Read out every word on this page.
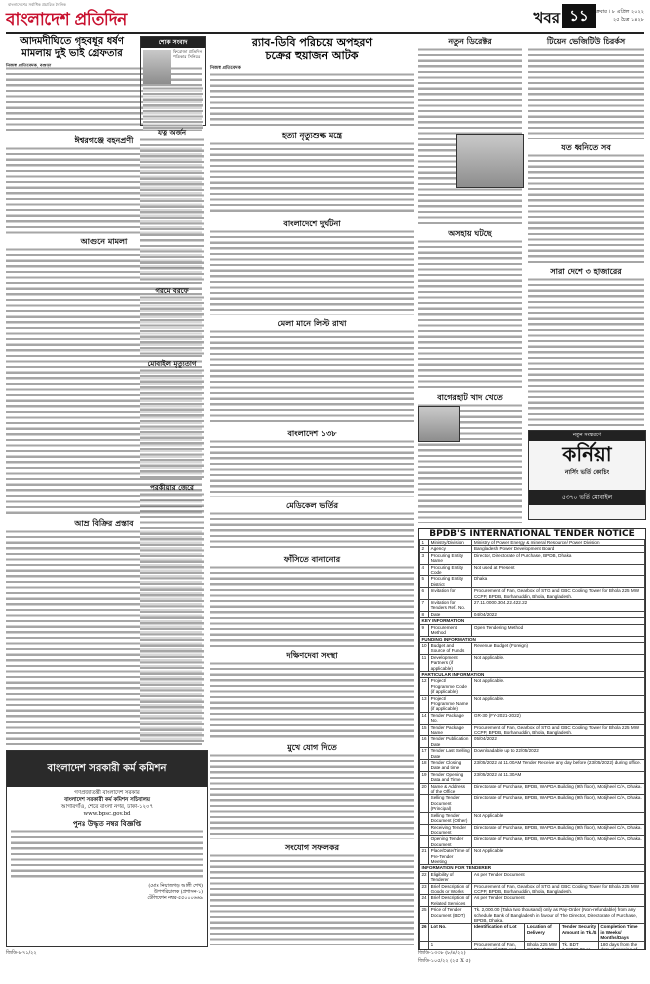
বাংলাদেশের সর্বাধিক প্রচারিত দৈনিক
বাংলাদেশ প্রতিদিন	খবর ১১ শুক্রবার । ৮ এপ্রিল ২০২২
২৫ চৈত্র ১৪২৮
আদমদীঘিতে গৃহবধূর ধর্ষণ মামলায় দুই ভাই গ্রেফতার
ঈশ্বরগঞ্জে বহনপ্রণী
আগুনে মামলা
আম্র বিক্রির প্রস্তাব
শোক সংবাদ
ফিরোজা প্রতিদিন পত্রিকার সিনিয়র
যত্ন অর্জন
গরমে বরফে
মোবাইল মৃত্যুতাগ
পরকীয়ার জেরে
র‍্যাব-ডিবি পরিচয়ে অপহরণ
চক্রের হুয়াজন আটক
নিজস্ব প্রতিবেদক
হত্যা নৃত্যুশুল্ক মন্ত্রে
বাংলাদেশে দুর্ঘটনা
মেলা মানে লিস্ট রাখা
বাংলাদেশ ১৩৮
মেডিকেল ভর্তির
ফাঁসিতে বানানোর
দক্ষিণদেবা সংস্থা
মুখে যোগ দিতে
সংযোগ সফলকর
নতুন ডিরেক্টর
অসহায় ঘটছে
বাগেরহাট খাদ খেতে
টিয়েন ভেজিটিউ চিরর্কস
যত ধ্বনিতে সব
সারা দেশে ৩ হাজারের
নতুন সংস্করণে
কর্নিয়া
নার্সিং ভর্তি কোচিং
৫৩৭০ ভর্তি মোবাইল
BPDB'S INTERNATIONAL TENDER NOTICE
1	Ministry/Division	Ministry of Power Energy & mineral Resource/ Power Division			
2	Agency	Bangladesh Power Development Board			
3	Procuring Entity Name	Director, Directorate of Purchase, BPDB, Dhaka			
4	Procuring Entity Code	Not used at Present			
5	Procuring Entity District	Dhaka			
6	Invitation for	Procurement of Fan, Gearbox of STG and GBC Cooling Tower for Bhola 225 MW CCPP, BPDB, Borhanuddin, Bhola, Bangladesh.			
7	Invitation for Tenders Ref. No.	27.11.0000.304.22.422.22			
8	Date	04/04/2022			
KEY INFORMATION					
9	Procurement Method	Open Tendering Method			
FUNDING INFORMATION					
10	Budget and Source of Funds	Revenue Budget (Foreign)			
11	Development Partners (if applicable)	Not applicable.			
PARTICULAR INFORMATION					
12	Project/ Programme Code (if applicable)	Not applicable.			
13	Project/ Programme Name (if applicable)	Not applicable.			
14	Tender Package No.	GR-30 (FY-2021-2022)			
15	Tender Package Name	Procurement of Fan, Gearbox of STG and GBC Cooling Tower for Bhola 225 MW CCPP, BPDB, Borhanuddin, Bhola, Bangladesh.			
16	Tender Publication Date	05/04/2022			
17	Tender Last Selling Date	Downloadable up to 22/05/2022			
18	Tender Closing Date and time	23/05/2022 at 11.00AM Tender Receive any day before (23/05/2022) during office.			
19	Tender Opening Data and Time	23/05/2022 at 11.30AM			
20	Name & Address of the Office	Directorate of Purchase, BPDB, WAPDA Building (9th floor), Motijheel C/A, Dhaka.			
	Selling Tender Document (Principal)	Directorate of Purchase, BPDB, WAPDA Building (9th floor), Motijheel C/A, Dhaka.			
	Selling Tender Document (Other)	Not Applicable			
	Receiving Tender Document	Directorate of Purchase, BPDB, WAPDA Building (9th floor), Motijheel C/A, Dhaka.			
	Opening Tender Document	Directorate of Purchase, BPDB, WAPDA Building (9th floor), Motijheel C/A, Dhaka.			
21	Place/Date/Time of Pre-Tender Meeting	Not Applicable			
INFORMATION FOR TENDERER					
22	Eligibility of Tenderer	As per Tender Document			
23	Brief Description of Goods or Works	Procurement of Fan, Gearbox of STG and GBC Cooling Tower for Bhola 225 MW CCPP, BPDB, Borhanuddin, Bhola, Bangladesh.			
24	Brief Description of Related Services	As per Tender Document			
25	Price of Tender Document (BDT)	Tk. 2,000.00 (Taka two thousand) only as Pay-Order (Non-refundable) from any schedule Bank of Bangladesh in favour of The Director, Directorate of Purchase, BPDB, Dhaka.			
26	Lot No.	Identification of Lot	Location of Delivery	Tender Security Amount in Tk./$	Completion Time in Weeks/ Months/Days
	1	Procurement of Fan, Gearbox of STG and	Bhola 225 MW CCPP, BPDB,	Tk. BDT 2,60000.00 or	180 days from the date of opening of

জিডি-১৩৩৮ (৮/৪/২২)
জিডি-১০৫/২২ (২৫ X ৫)
বাংলাদেশ সরকারী কর্ম কমিশন
গণপ্রজাতন্ত্রী বাংলাদেশ সরকার
বাংলাদেশ সরকারী কর্ম কমিশন সচিবালয়
আগারগাঁও, শেরে বাংলা নগর, ঢাকা-১২০৭
www.bpsc.gov.bd
পুনঃ উদ্ধৃত নম্বর বিজ্ঞপ্তি
(মোঃ নিয়াজগড় আলী শেখ)
উপপরিচালক (প্রশাসন-১)
টেলিফোন নম্বর-৫৫০০০৬৬৯
জিডি-৮৭১/২২
